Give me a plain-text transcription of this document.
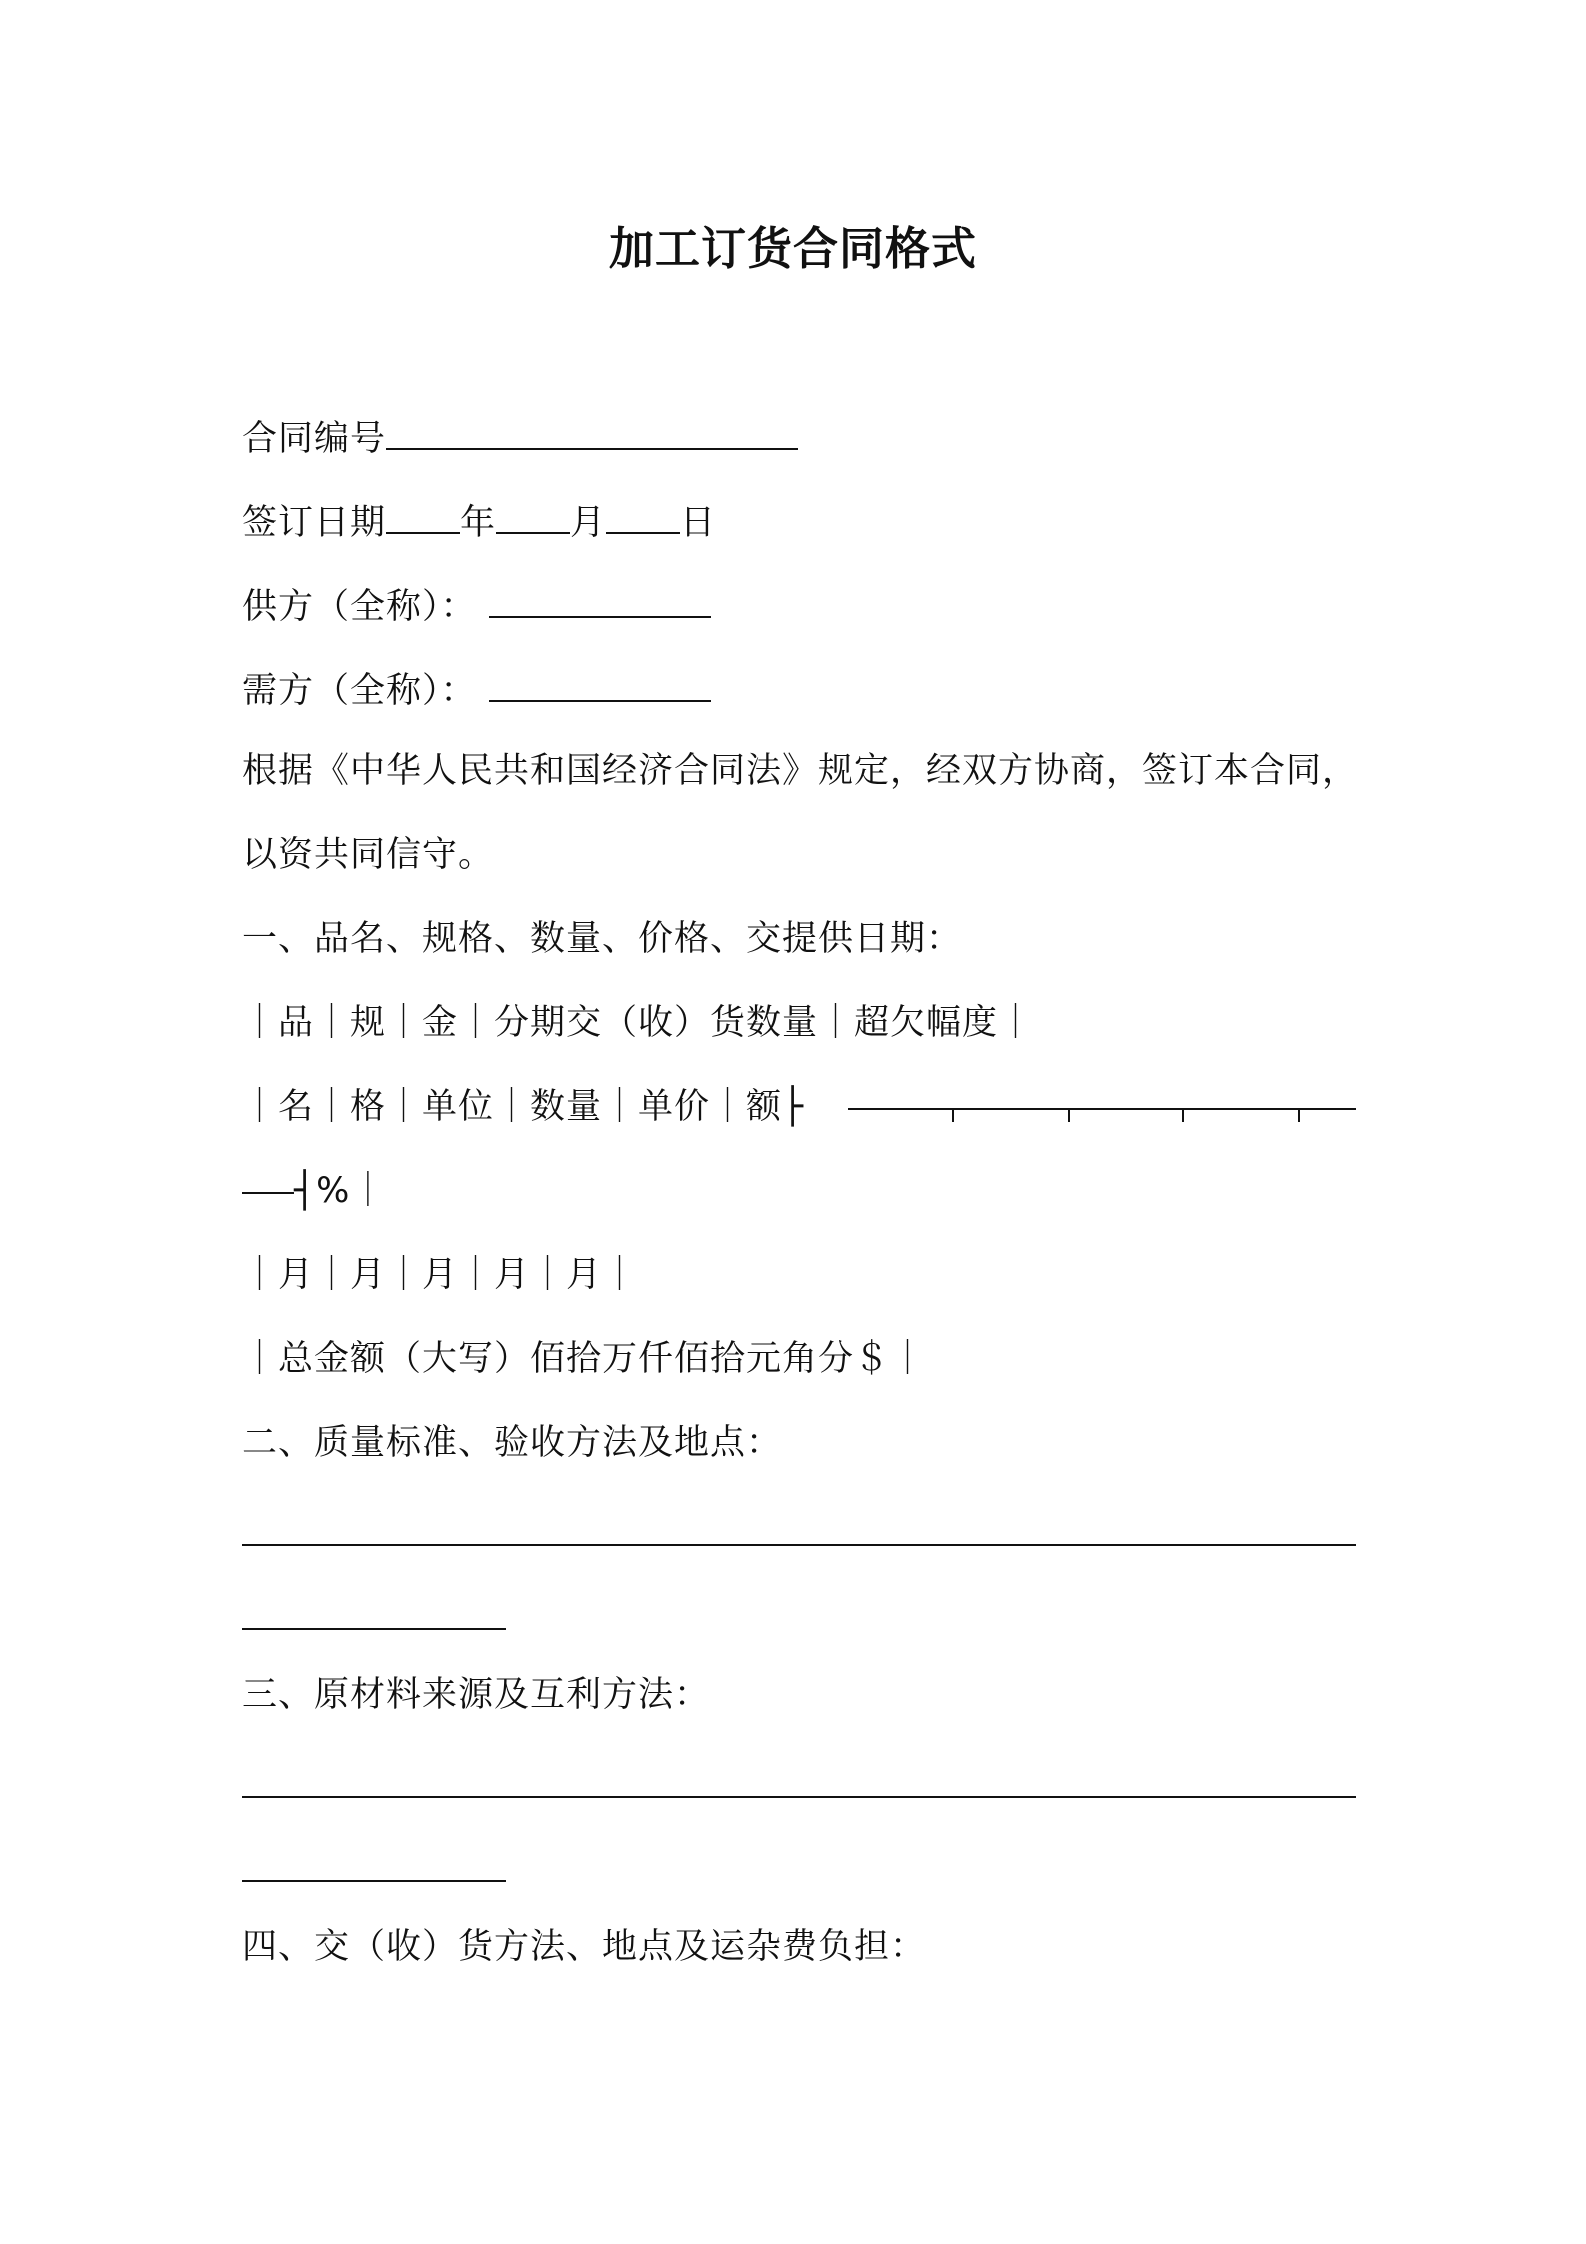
加工订货合同格式
合同编号
签订日期 年 月 日
供方（全称）：
需方（全称）：
根据《中华人民共和国经济合同法》规定，经双方协商，签订本合同，
以资共同信守。
一、品名、规格、数量、价格、交提供日期：
｜品｜规｜金｜分期交（收）货数量｜超欠幅度｜
｜名｜格｜单位｜数量｜单价｜额├
┤%｜
｜月｜月｜月｜月｜月｜
｜总金额（大写）佰拾万仟佰拾元角分＄｜
二、质量标准、验收方法及地点：
三、原材料来源及互利方法：
四、交（收）货方法、地点及运杂费负担：
